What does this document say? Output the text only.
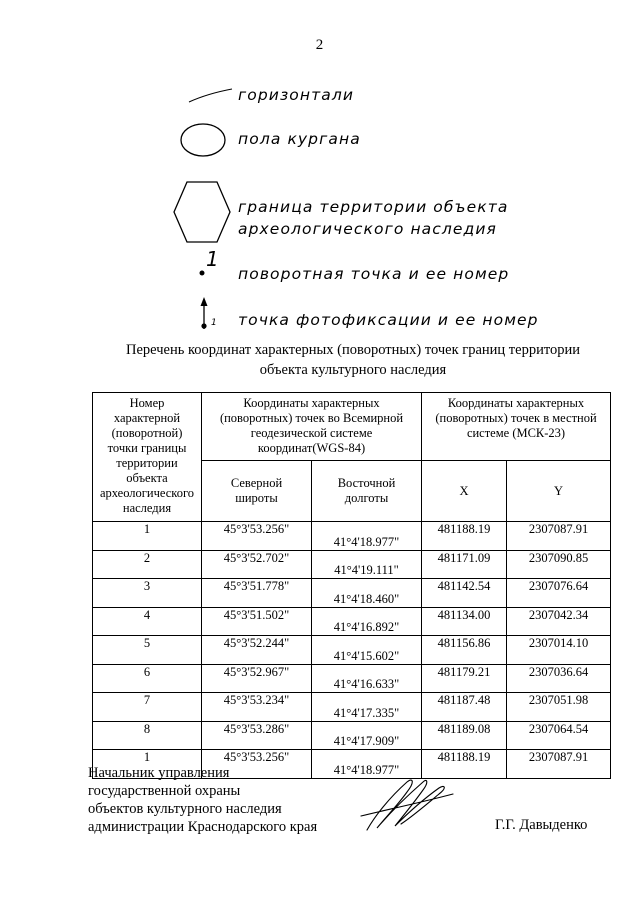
2
горизонтали
пола кургана
граница территории объекта
археологического наследия
1
поворотная точка и ее номер
1 точка фотофиксации и ее номер
Перечень координат характерных (поворотных) точек границ территории
объекта культурного наследия
Номер характерной (поворотной) точки границы территории объекта археологического наследия	Координаты характерных (поворотных) точек во Всемирной геодезической системе координат(WGS-84)		Координаты характерных (поворотных) точек в местной системе (МСК-23)	
	Северной широты	Восточной долготы	X	Y
1	45°3'53.256"	41°4'18.977"	481188.19	2307087.91
2	45°3'52.702"	41°4'19.111"	481171.09	2307090.85
3	45°3'51.778"	41°4'18.460"	481142.54	2307076.64
4	45°3'51.502"	41°4'16.892"	481134.00	2307042.34
5	45°3'52.244"	41°4'15.602"	481156.86	2307014.10
6	45°3'52.967"	41°4'16.633"	481179.21	2307036.64
7	45°3'53.234"	41°4'17.335"	481187.48	2307051.98
8	45°3'53.286"	41°4'17.909"	481189.08	2307064.54
1	45°3'53.256"	41°4'18.977"	481188.19	2307087.91
Начальник управления
государственной охраны
объектов культурного наследия
администрации Краснодарского края	Г.Г. Давыденко
